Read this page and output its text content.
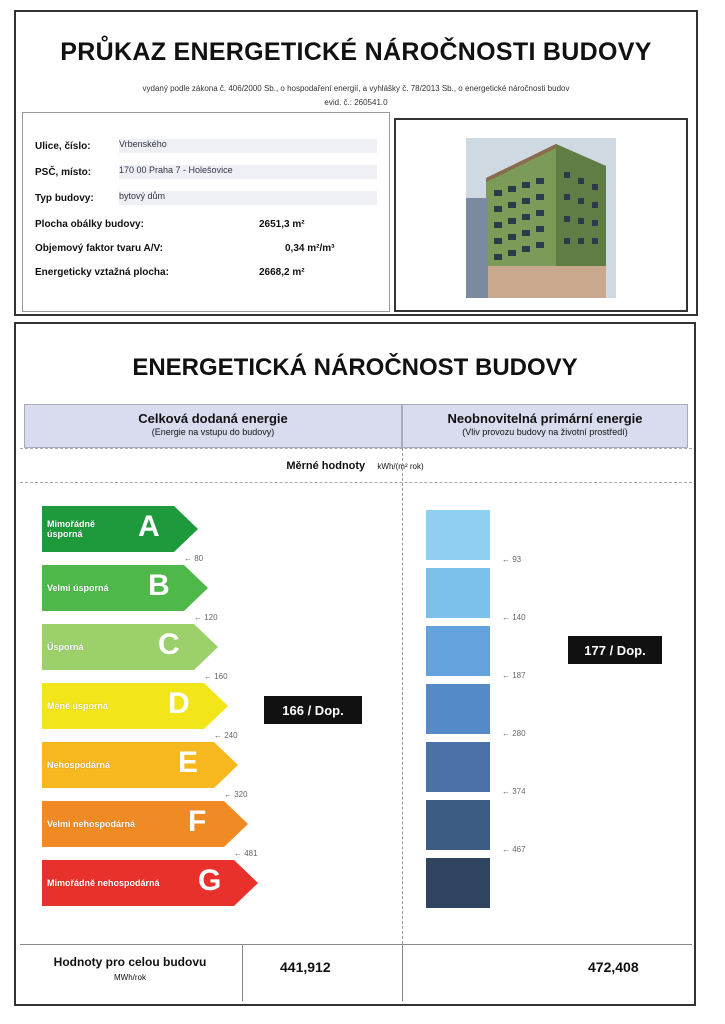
PRŮKAZ ENERGETICKÉ NÁROČNOSTI BUDOVY
vydaný podle zákona č. 406/2000 Sb., o hospodaření energií, a vyhlášky č. 78/2013 Sb., o energetické náročnosti budov
evid. č.: 260541.0
Ulice, číslo:	Vrbenského
PSČ, místo:	170 00 Praha 7 - Holešovice
Typ budovy:	bytový dům
Plocha obálky budovy:	2651,3 m²
Objemový faktor tvaru A/V:	0,34 m²/m³
Energeticky vztažná plocha:	2668,2 m²
ENERGETICKÁ NÁROČNOST BUDOVY
Celková dodaná energie
(Energie na vstupu do budovy)
Neobnovitelná primární energie
(Vliv provozu budovy na životní prostředí)
Měrné hodnoty kWh/(m² rok)
Mimořádně úsporná	A
← 80
Velmi úsporná	B
← 120
Úsporná	C
← 160
Méně úsporná	D
← 240
Nehospodárná	E
← 320
Velmi nehospodárná	F
← 481
Mimořádně nehospodárná	G
← 93
← 140
← 187
← 280
← 374
← 467
166 / Dop.
177 / Dop.
Hodnoty pro celou budovu
MWh/rok
441,912	472,408
